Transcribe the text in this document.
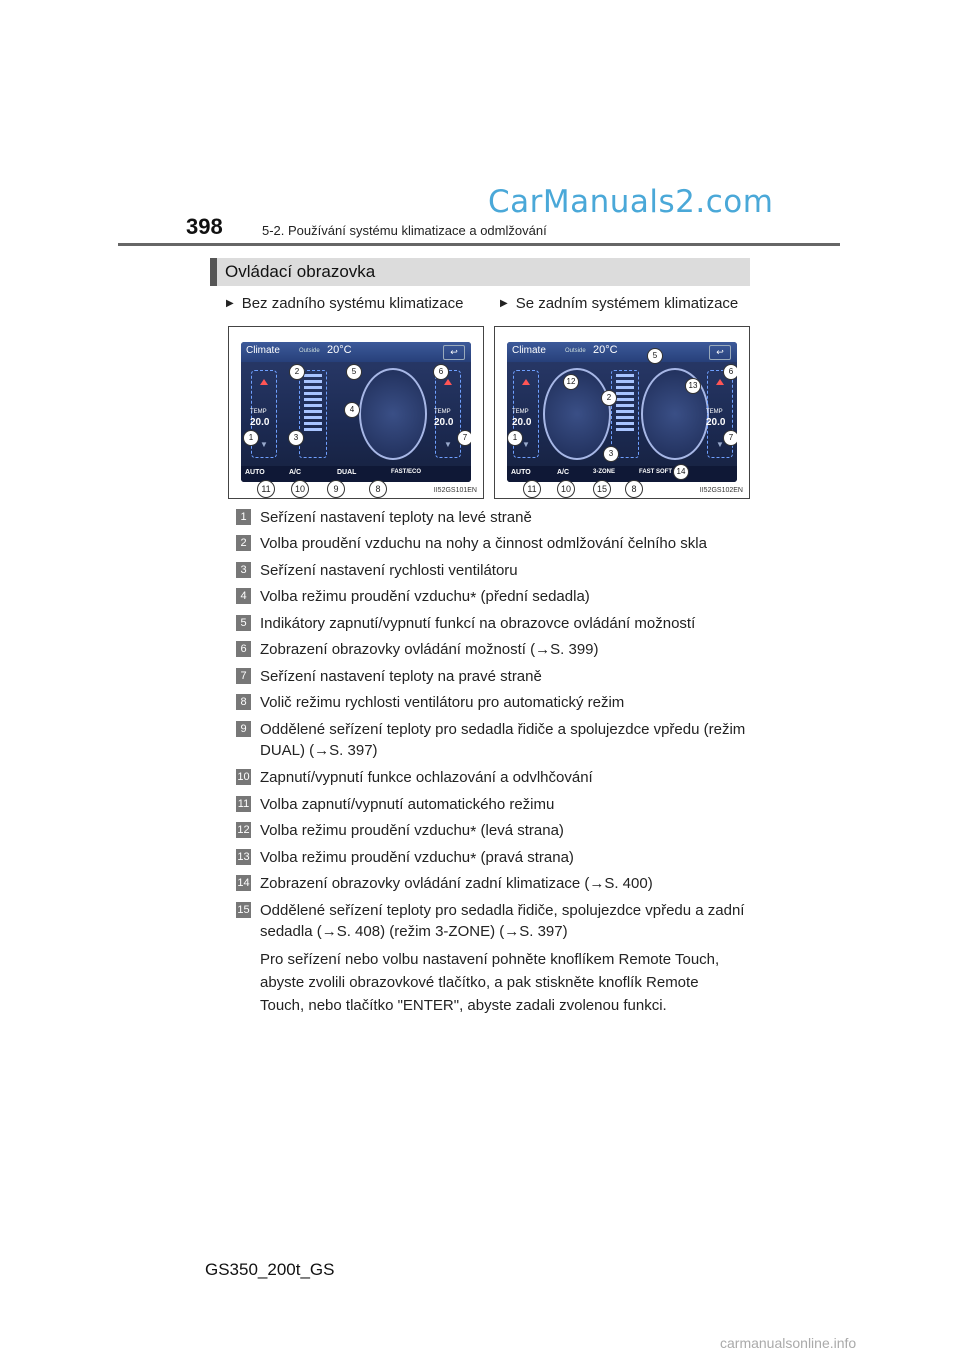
CarManuals2.com
398	5-2. Používání systému klimatizace a odmlžování
Ovládací obrazovka
▶ Bez zadního systému klimatizace	▶ Se zadním systémem klimatizace
Climate	Outside 20°C	↩
TEMP
20.0
▼
TEMP
20.0
▼
AUTO	A/C	DUAL	FAST/ECO
1
2
3
4
5	6
7
11	10	9	8	II52GS101EN
Climate	Outside 20°C	↩
TEMP
20.0
▼
TEMP
20.0
▼
AUTO	A/C	3-ZONE	FAST SOFT
1
2
3
5
6
7
12	13
14
11	10	15	8	II52GS102EN
1 Seřízení nastavení teploty na levé straně
2 Volba proudění vzduchu na nohy a činnost odmlžování čelního skla
3 Seřízení nastavení rychlosti ventilátoru
4 Volba režimu proudění vzduchu* (přední sedadla)
5 Indikátory zapnutí/vypnutí funkcí na obrazovce ovládání možností
6 Zobrazení obrazovky ovládání možností (→S. 399)
7 Seřízení nastavení teploty na pravé straně
8 Volič režimu rychlosti ventilátoru pro automatický režim
9 Oddělené seřízení teploty pro sedadla řidiče a spolujezdce vpředu (režim DUAL) (→S. 397)
10 Zapnutí/vypnutí funkce ochlazování a odvlhčování
11 Volba zapnutí/vypnutí automatického režimu
12 Volba režimu proudění vzduchu* (levá strana)
13 Volba režimu proudění vzduchu* (pravá strana)
14 Zobrazení obrazovky ovládání zadní klimatizace (→S. 400)
15 Oddělené seřízení teploty pro sedadla řidiče, spolujezdce vpředu a zadní sedadla (→S. 408) (režim 3-ZONE) (→S. 397)
Pro seřízení nebo volbu nastavení pohněte knoflíkem Remote Touch, abyste zvolili obrazovkové tlačítko, a pak stiskněte knoflík Remote Touch, nebo tlačítko "ENTER", abyste zadali zvolenou funkci.
GS350_200t_GS
carmanualsonline.info
